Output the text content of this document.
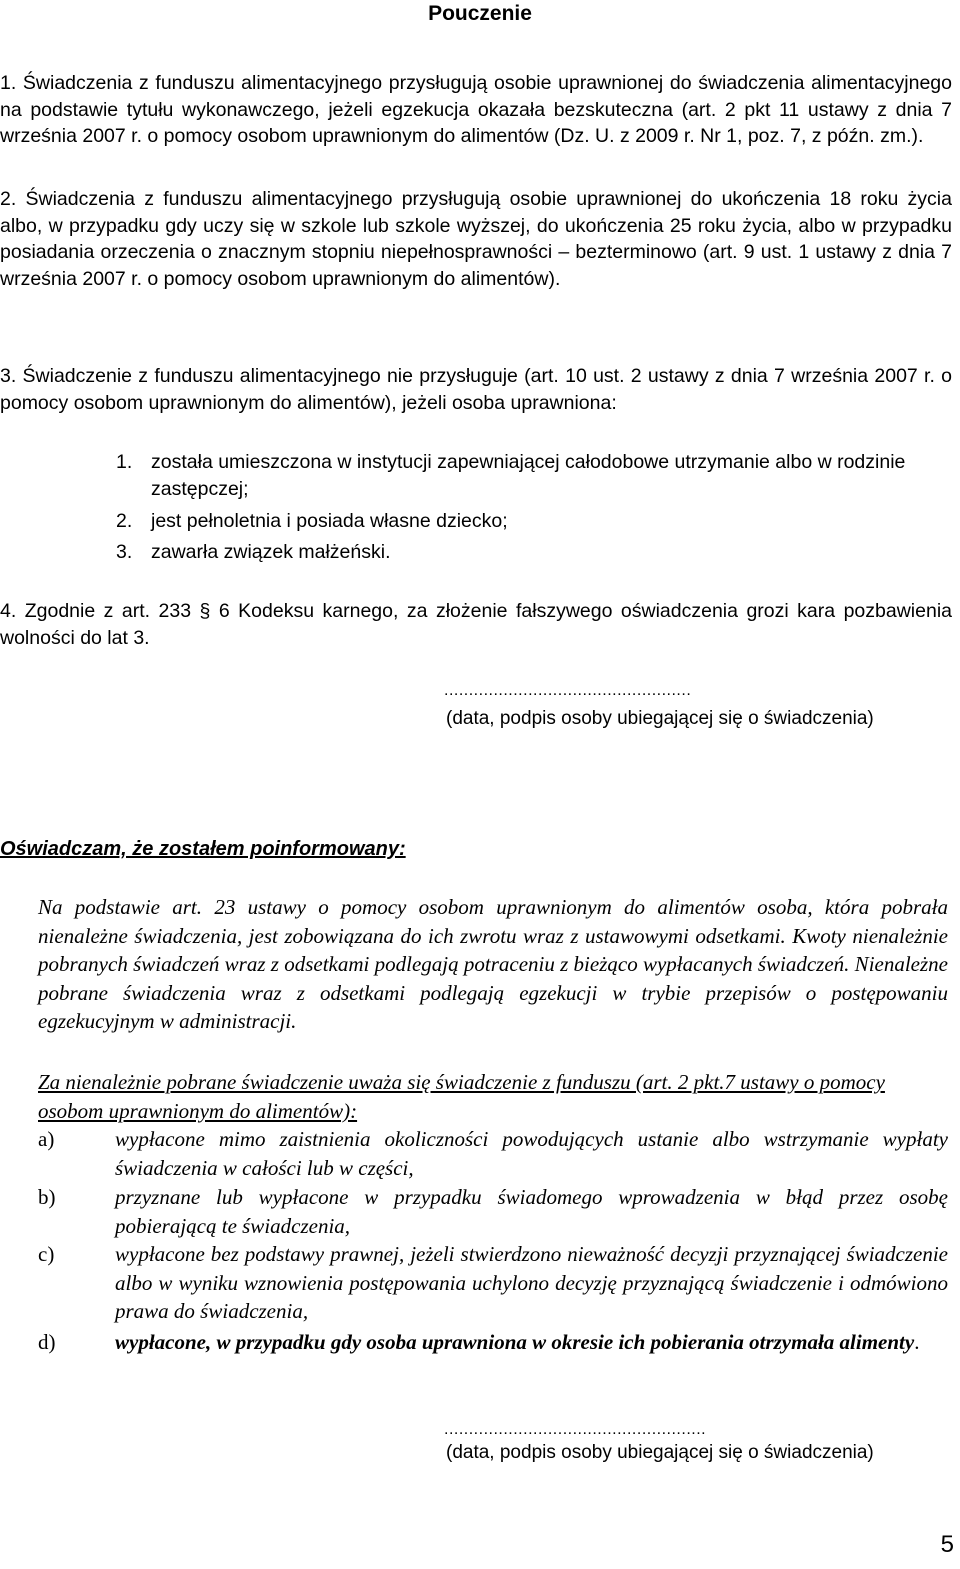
Pouczenie
1. Świadczenia z funduszu alimentacyjnego przysługują osobie uprawnionej do świadczenia alimentacyjnego na podstawie tytułu wykonawczego, jeżeli egzekucja okazała bezskuteczna (art. 2 pkt 11 ustawy z dnia 7 września 2007 r. o pomocy osobom uprawnionym do alimentów (Dz. U. z 2009 r. Nr 1, poz. 7, z późn. zm.).
2. Świadczenia z funduszu alimentacyjnego przysługują osobie uprawnionej do ukończenia 18 roku życia albo, w przypadku gdy uczy się w szkole lub szkole wyższej, do ukończenia 25 roku życia, albo w przypadku posiadania orzeczenia o znacznym stopniu niepełnosprawności – bezterminowo (art. 9 ust. 1 ustawy z dnia 7 września 2007 r. o pomocy osobom uprawnionym do alimentów).
3. Świadczenie z funduszu alimentacyjnego nie przysługuje (art. 10 ust. 2 ustawy z dnia 7 września 2007 r. o pomocy osobom uprawnionym do alimentów), jeżeli osoba uprawniona:
1. została umieszczona w instytucji zapewniającej całodobowe utrzymanie albo w rodzinie zastępczej;
2. jest pełnoletnia i posiada własne dziecko;
3. zawarła związek małżeński.
4. Zgodnie z art. 233 § 6 Kodeksu karnego, za złożenie fałszywego oświadczenia grozi kara pozbawienia wolności do lat 3.
..................................................
(data, podpis osoby ubiegającej się o świadczenia)
Oświadczam, że zostałem poinformowany:
Na podstawie art. 23 ustawy o pomocy osobom uprawnionym do alimentów osoba, która pobrała nienależne świadczenia, jest zobowiązana do ich zwrotu wraz z ustawowymi odsetkami. Kwoty nienależnie pobranych świadczeń wraz z odsetkami podlegają potraceniu z bieżąco wypłacanych świadczeń. Nienależne pobrane świadczenia wraz z odsetkami podlegają egzekucji w trybie przepisów o postępowaniu egzekucyjnym w administracji.
Za nienależnie pobrane świadczenie uważa się świadczenie z funduszu (art. 2 pkt.7 ustawy o pomocy osobom uprawnionym do alimentów):
a)	wypłacone mimo zaistnienia okoliczności powodujących ustanie albo wstrzymanie wypłaty świadczenia w całości lub w części,
b)	przyznane lub wypłacone w przypadku świadomego wprowadzenia w błąd przez osobę pobierającą te świadczenia,
c)	wypłacone bez podstawy prawnej, jeżeli stwierdzono nieważność decyzji przyznającej świadczenie albo w wyniku wznowienia postępowania uchylono decyzję przyznającą świadczenie i odmówiono prawa do świadczenia,
d)	wypłacone, w przypadku gdy osoba uprawniona w okresie ich pobierania otrzymała alimenty.
.....................................................
(data, podpis osoby ubiegającej się o świadczenia)
5
